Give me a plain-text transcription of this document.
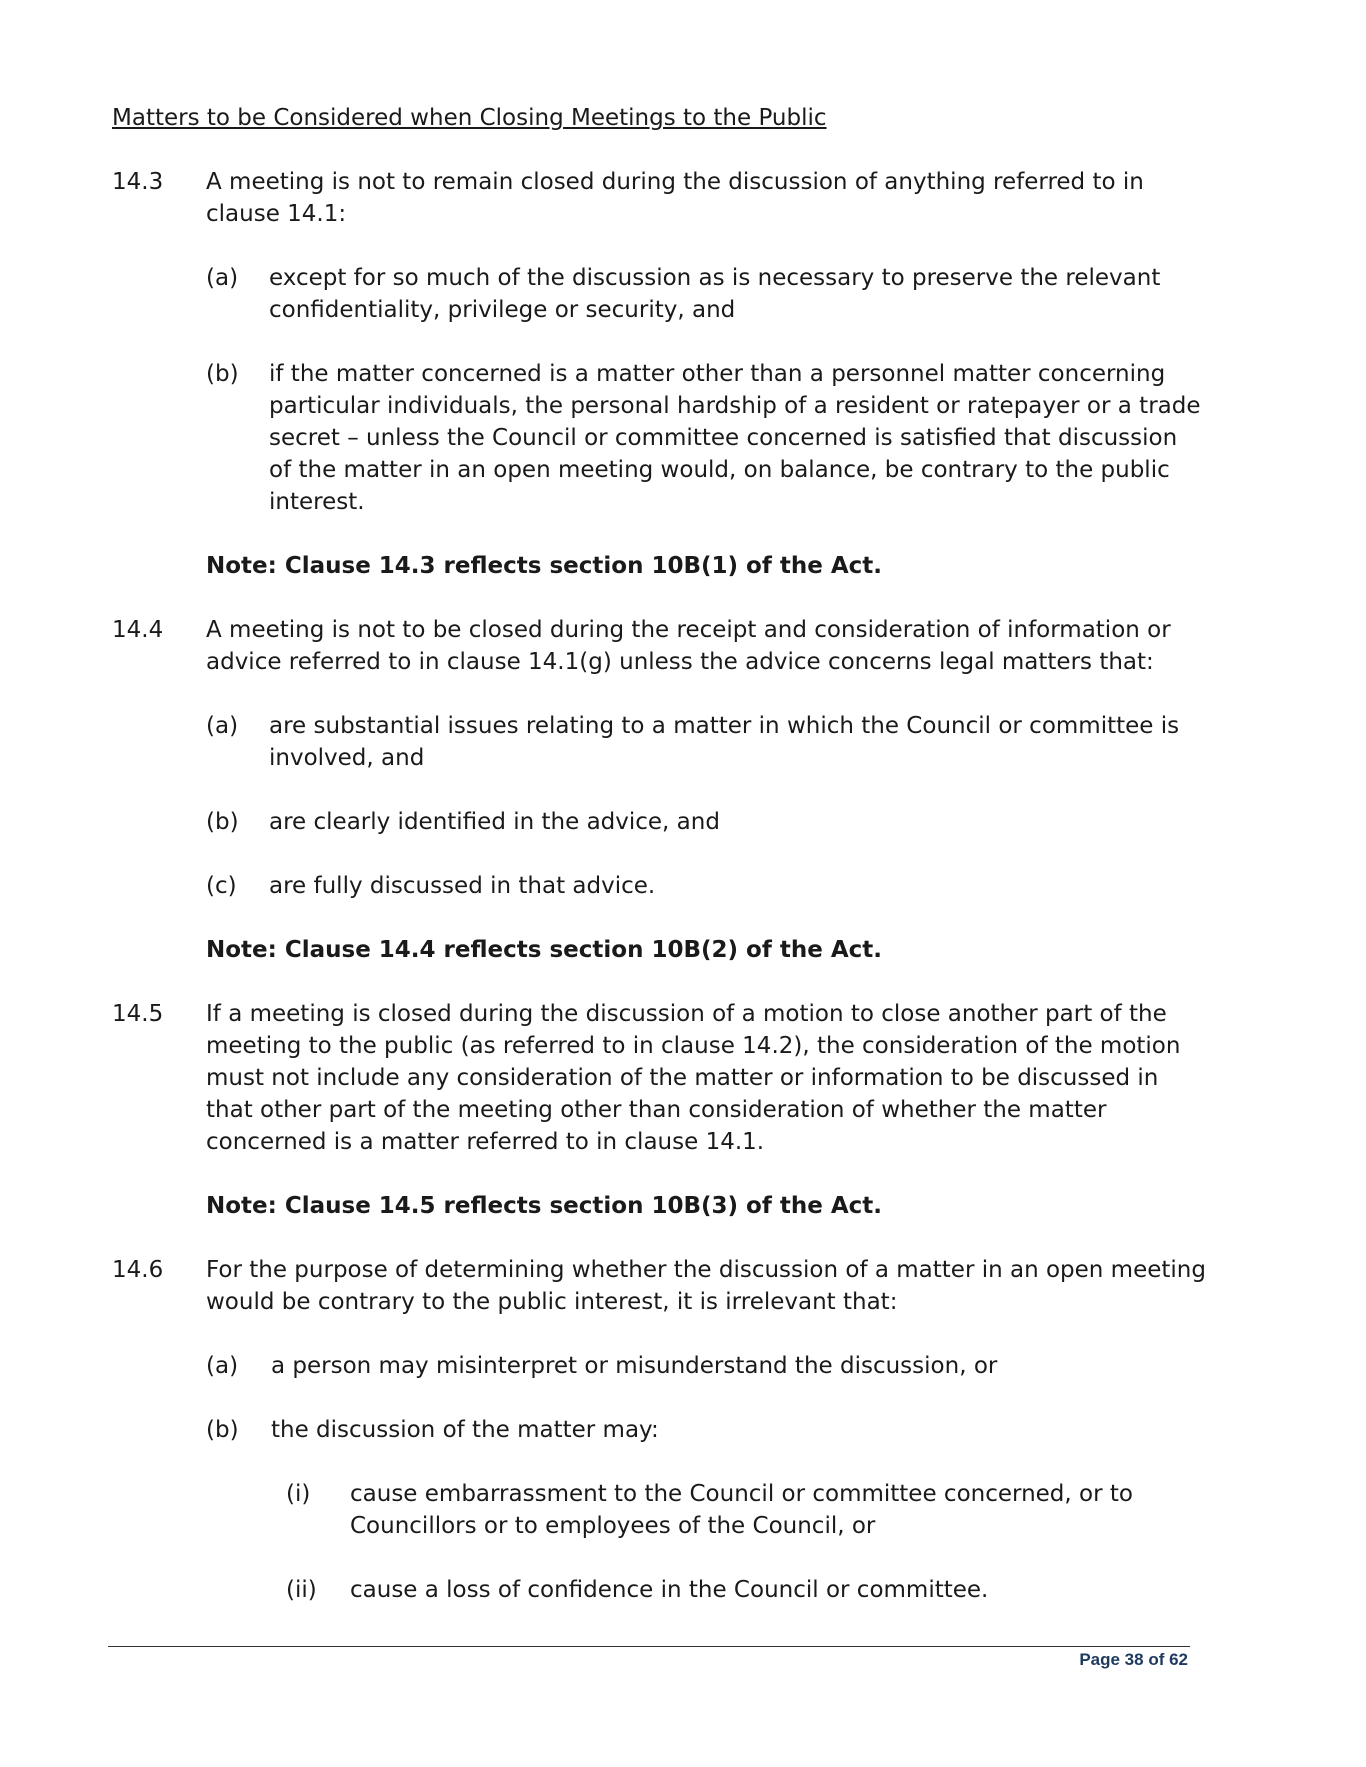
Matters to be Considered when Closing Meetings to the Public
14.3 A meeting is not to remain closed during the discussion of anything referred to in clause 14.1:
(a) except for so much of the discussion as is necessary to preserve the relevant confidentiality, privilege or security, and
(b) if the matter concerned is a matter other than a personnel matter concerning particular individuals, the personal hardship of a resident or ratepayer or a trade secret – unless the Council or committee concerned is satisfied that discussion of the matter in an open meeting would, on balance, be contrary to the public interest.
Note: Clause 14.3 reflects section 10B(1) of the Act.
14.4 A meeting is not to be closed during the receipt and consideration of information or advice referred to in clause 14.1(g) unless the advice concerns legal matters that:
(a) are substantial issues relating to a matter in which the Council or committee is involved, and
(b) are clearly identified in the advice, and
(c) are fully discussed in that advice.
Note: Clause 14.4 reflects section 10B(2) of the Act.
14.5 If a meeting is closed during the discussion of a motion to close another part of the meeting to the public (as referred to in clause 14.2), the consideration of the motion must not include any consideration of the matter or information to be discussed in that other part of the meeting other than consideration of whether the matter concerned is a matter referred to in clause 14.1.
Note: Clause 14.5 reflects section 10B(3) of the Act.
14.6 For the purpose of determining whether the discussion of a matter in an open meeting would be contrary to the public interest, it is irrelevant that:
(a) a person may misinterpret or misunderstand the discussion, or
(b) the discussion of the matter may:
(i) cause embarrassment to the Council or committee concerned, or to Councillors or to employees of the Council, or
(ii) cause a loss of confidence in the Council or committee.
Page 38 of 62
